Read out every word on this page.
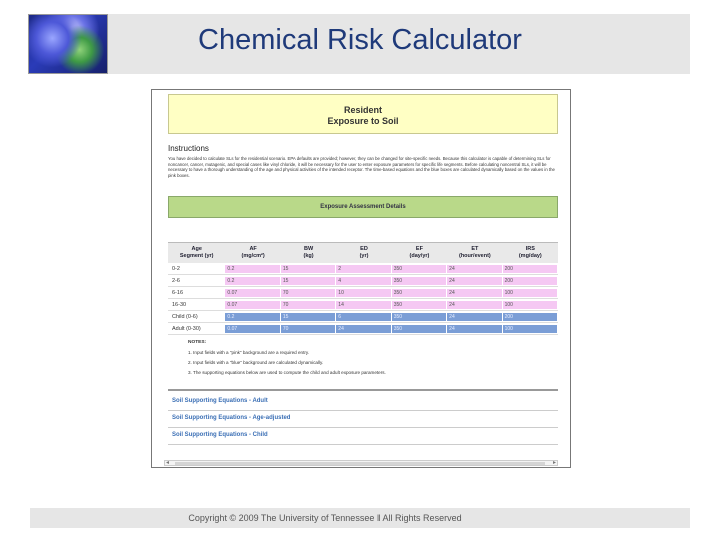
Chemical Risk Calculator
Resident
Exposure to Soil
Instructions
You have decided to calculate SLs for the residential scenario. EPA defaults are provided; however, they can be changed for site-specific needs. Because this calculator is capable of determining SLs for noncancer, cancer, mutagenic, and special cases like vinyl chloride, it will be necessary for the user to enter exposure parameters for specific life segments. Before calculating noncentral SLs, it will be necessary to have a thorough understanding of the age and physical activities of the intended receptor. The time-based equations and the blue boxes are calculated dynamically based on the values in the pink boxes.
Exposure Assessment Details
Age
Segment (yr)
AF
(mg/cm²)
BW
(kg)
ED
(yr)
EF
(day/yr)
ET
(hour/event)
IRS
(mg/day)
0-2	0.2	15	2	350	24	200
2-6	0.2	15	4	350	24	200
6-16	0.07	70	10	350	24	100
16-30	0.07	70	14	350	24	100
Child (0-6)	0.2	15	6	350	24	200
Adult (0-30)	0.07	70	24	350	24	100
NOTES:
1. Input fields with a "pink" background are a required entry.
2. Input fields with a "blue" background are calculated dynamically.
3. The supporting equations below are used to compute the child and adult exposure parameters.
Soil Supporting Equations - Adult
Soil Supporting Equations - Age-adjusted
Soil Supporting Equations - Child
◂	▸
Copyright © 2009 The University of Tennessee ‖ All Rights Reserved
